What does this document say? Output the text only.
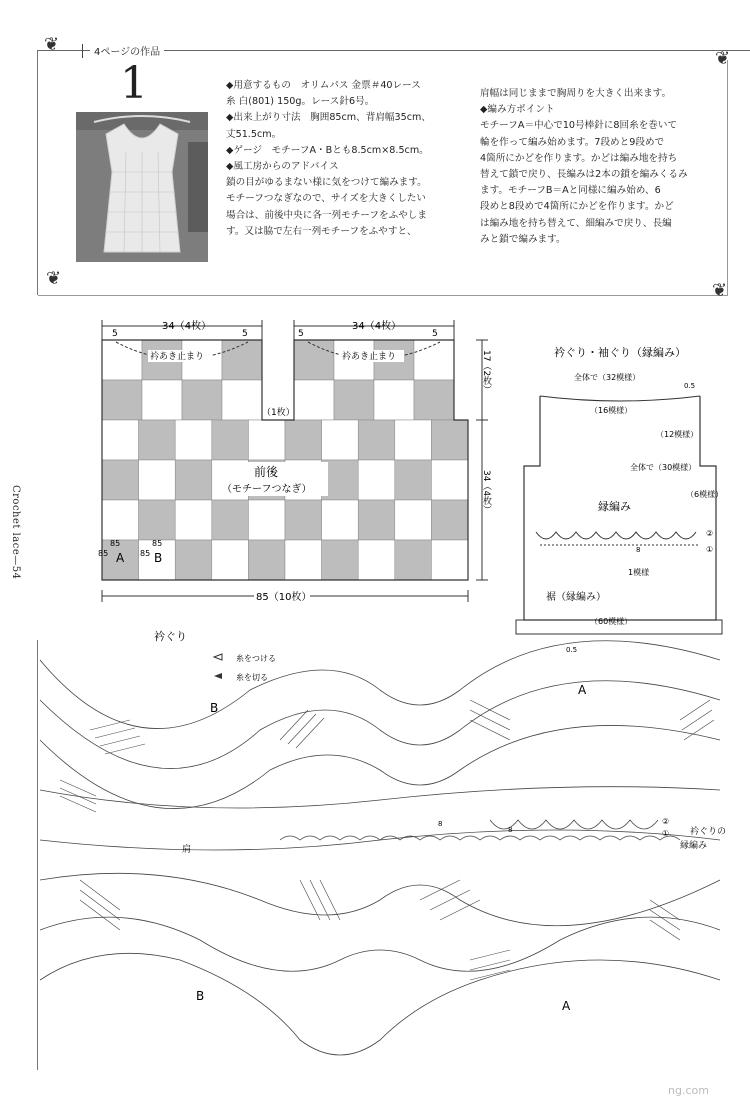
4ページの作品
❦
❦
❦
❦
Crochet lace—54
1	◆用意するもの　オリムパス 金票＃40レース
糸 白(801) 150g。レース針6号。
◆出来上がり寸法　胸囲85cm、背肩幅35cm、
丈51.5cm。
◆ゲージ　モチーフA・Bとも8.5cm×8.5cm。
◆風工房からのアドバイス
鎖の目がゆるまない様に気をつけて編みます。
モチーフつなぎなので、サイズを大きくしたい
場合は、前後中央に各一列モチーフをふやしま
す。又は脇で左右一列モチーフをふやすと、
肩幅は同じままで胸周りを大きく出来ます。
◆編み方ポイント
モチーフA＝中心で10号棒針に8回糸を巻いて
輪を作って編み始めます。7段めと9段めで
4箇所にかどを作ります。かどは編み地を持ち
替えて鎖で戻り、長編みは2本の鎖を編みくるみ
ます。モチーフB＝Aと同様に編み始め、6
段めと8段めで4箇所にかどを作ります。かど
は編み地を持ち替えて、細編みで戻り、長編
みと鎖で編みます。
34（4枚）	34（4枚）
5	5	5	5
衿あき止まり	衿あき止まり
（1枚）
前後
（モチーフつなぎ）
17（2枚）
34（4枚）
85（10枚）
85
85 A
85
85 B
衿ぐり・袖ぐり（縁編み）
全体で（32模様）
0.5
（16模様）
（12模様）
全体で（30模様）
（6模様）
縁編み
8
②
①
1模様
裾（縁編み）
（60模様）
0.5
衿ぐり
糸をつける
糸を切る
B
A
B
A
肩
8
8
②
① 衿ぐりの
縁編み
ng.com
